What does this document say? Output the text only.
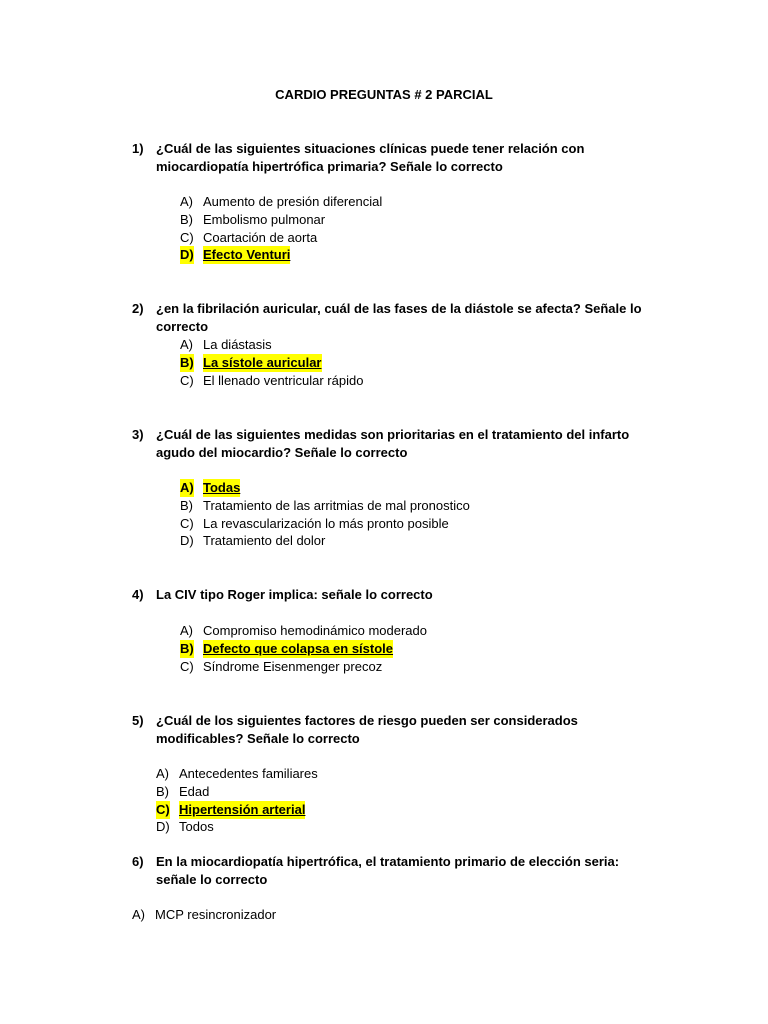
CARDIO PREGUNTAS # 2 PARCIAL
1) ¿Cuál de las siguientes situaciones clínicas puede tener relación con miocardiopatía hipertrófica primaria? Señale lo correcto
A) Aumento de presión diferencial
B) Embolismo pulmonar
C) Coartación de aorta
D) Efecto Venturi
2) ¿en la fibrilación auricular, cuál de las fases de la diástole se afecta? Señale lo correcto
A) La diástasis
B) La sístole auricular
C) El llenado ventricular rápido
3) ¿Cuál de las siguientes medidas son prioritarias en el tratamiento del infarto agudo del miocardio? Señale lo correcto
A) Todas
B) Tratamiento de las arritmias de mal pronostico
C) La revascularización lo más pronto posible
D) Tratamiento del dolor
4) La CIV tipo Roger implica: señale lo correcto
A) Compromiso hemodinámico moderado
B) Defecto que colapsa en sístole
C) Síndrome Eisenmenger precoz
5) ¿Cuál de los siguientes factores de riesgo pueden ser considerados modificables? Señale lo correcto
A) Antecedentes familiares
B) Edad
C) Hipertensión arterial
D) Todos
6) En la miocardiopatía hipertrófica, el tratamiento primario de elección seria: señale lo correcto
A) MCP resincronizador
